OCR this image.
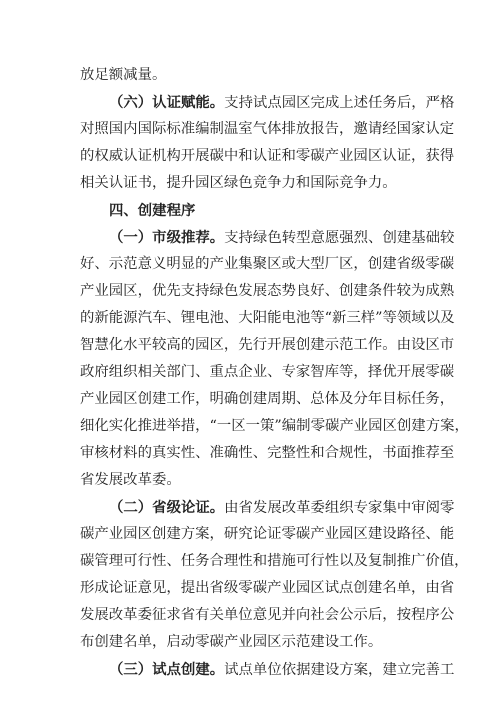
放足额减量。
（六）认证赋能。支持试点园区完成上述任务后，严格
对照国内国际标准编制温室气体排放报告，邀请经国家认定
的权威认证机构开展碳中和认证和零碳产业园区认证，获得
相关认证书，提升园区绿色竞争力和国际竞争力。
四、创建程序
（一）市级推荐。支持绿色转型意愿强烈、创建基础较
好、示范意义明显的产业集聚区或大型厂区，创建省级零碳
产业园区，优先支持绿色发展态势良好、创建条件较为成熟
的新能源汽车、锂电池、大阳能电池等“新三样”等领域以及
智慧化水平较高的园区，先行开展创建示范工作。由设区市
政府组织相关部门、重点企业、专家智库等，择优开展零碳
产业园区创建工作，明确创建周期、总体及分年目标任务，
细化实化推进举措，“一区一策”编制零碳产业园区创建方案，
审核材料的真实性、准确性、完整性和合规性，书面推荐至
省发展改革委。
（二）省级论证。由省发展改革委组织专家集中审阅零
碳产业园区创建方案，研究论证零碳产业园区建设路径、能
碳管理可行性、任务合理性和措施可行性以及复制推广价值，
形成论证意见，提出省级零碳产业园区试点创建名单，由省
发展改革委征求省有关单位意见并向社会公示后，按程序公
布创建名单，启动零碳产业园区示范建设工作。
（三）试点创建。试点单位依据建设方案，建立完善工
